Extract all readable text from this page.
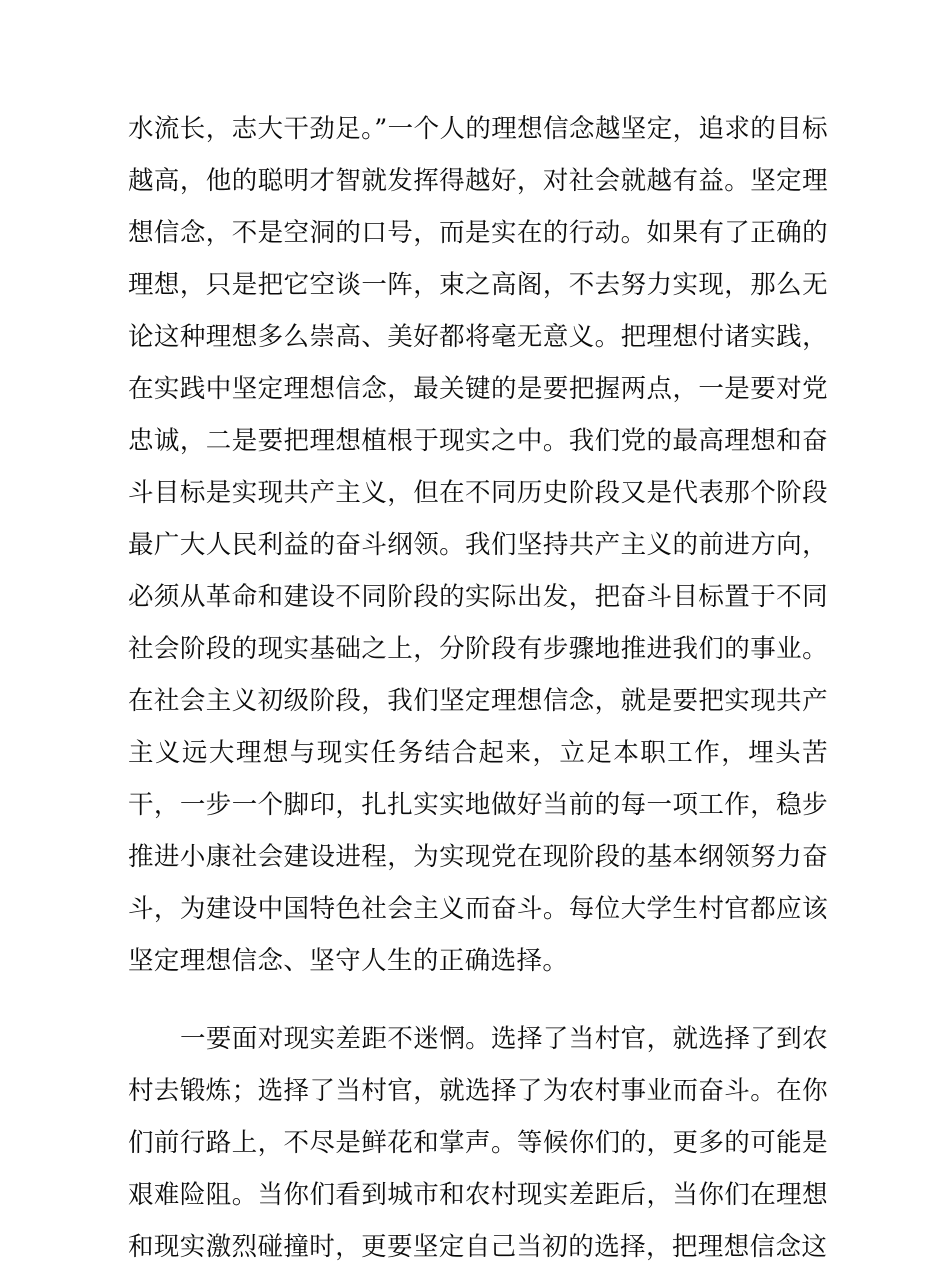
水流长，志大干劲足。”一个人的理想信念越坚定，追求的目标越高，他的聪明才智就发挥得越好，对社会就越有益。坚定理想信念，不是空洞的口号，而是实在的行动。如果有了正确的理想，只是把它空谈一阵，束之高阁，不去努力实现，那么无论这种理想多么崇高、美好都将毫无意义。把理想付诸实践，在实践中坚定理想信念，最关键的是要把握两点，一是要对党忠诚，二是要把理想植根于现实之中。我们党的最高理想和奋斗目标是实现共产主义，但在不同历史阶段又是代表那个阶段最广大人民利益的奋斗纲领。我们坚持共产主义的前进方向，必须从革命和建设不同阶段的实际出发，把奋斗目标置于不同社会阶段的现实基础之上，分阶段有步骤地推进我们的事业。在社会主义初级阶段，我们坚定理想信念，就是要把实现共产主义远大理想与现实任务结合起来，立足本职工作，埋头苦干，一步一个脚印，扎扎实实地做好当前的每一项工作，稳步推进小康社会建设进程，为实现党在现阶段的基本纲领努力奋斗，为建设中国特色社会主义而奋斗。每位大学生村官都应该坚定理想信念、坚守人生的正确选择。

一要面对现实差距不迷惘。选择了当村官，就选择了到农村去锻炼；选择了当村官，就选择了为农村事业而奋斗。在你们前行路上，不尽是鲜花和掌声。等候你们的，更多的可能是艰难险阻。当你们看到城市和农村现实差距后，当你们在理想和现实激烈碰撞时，更要坚定自己当初的选择，把理想信念这
